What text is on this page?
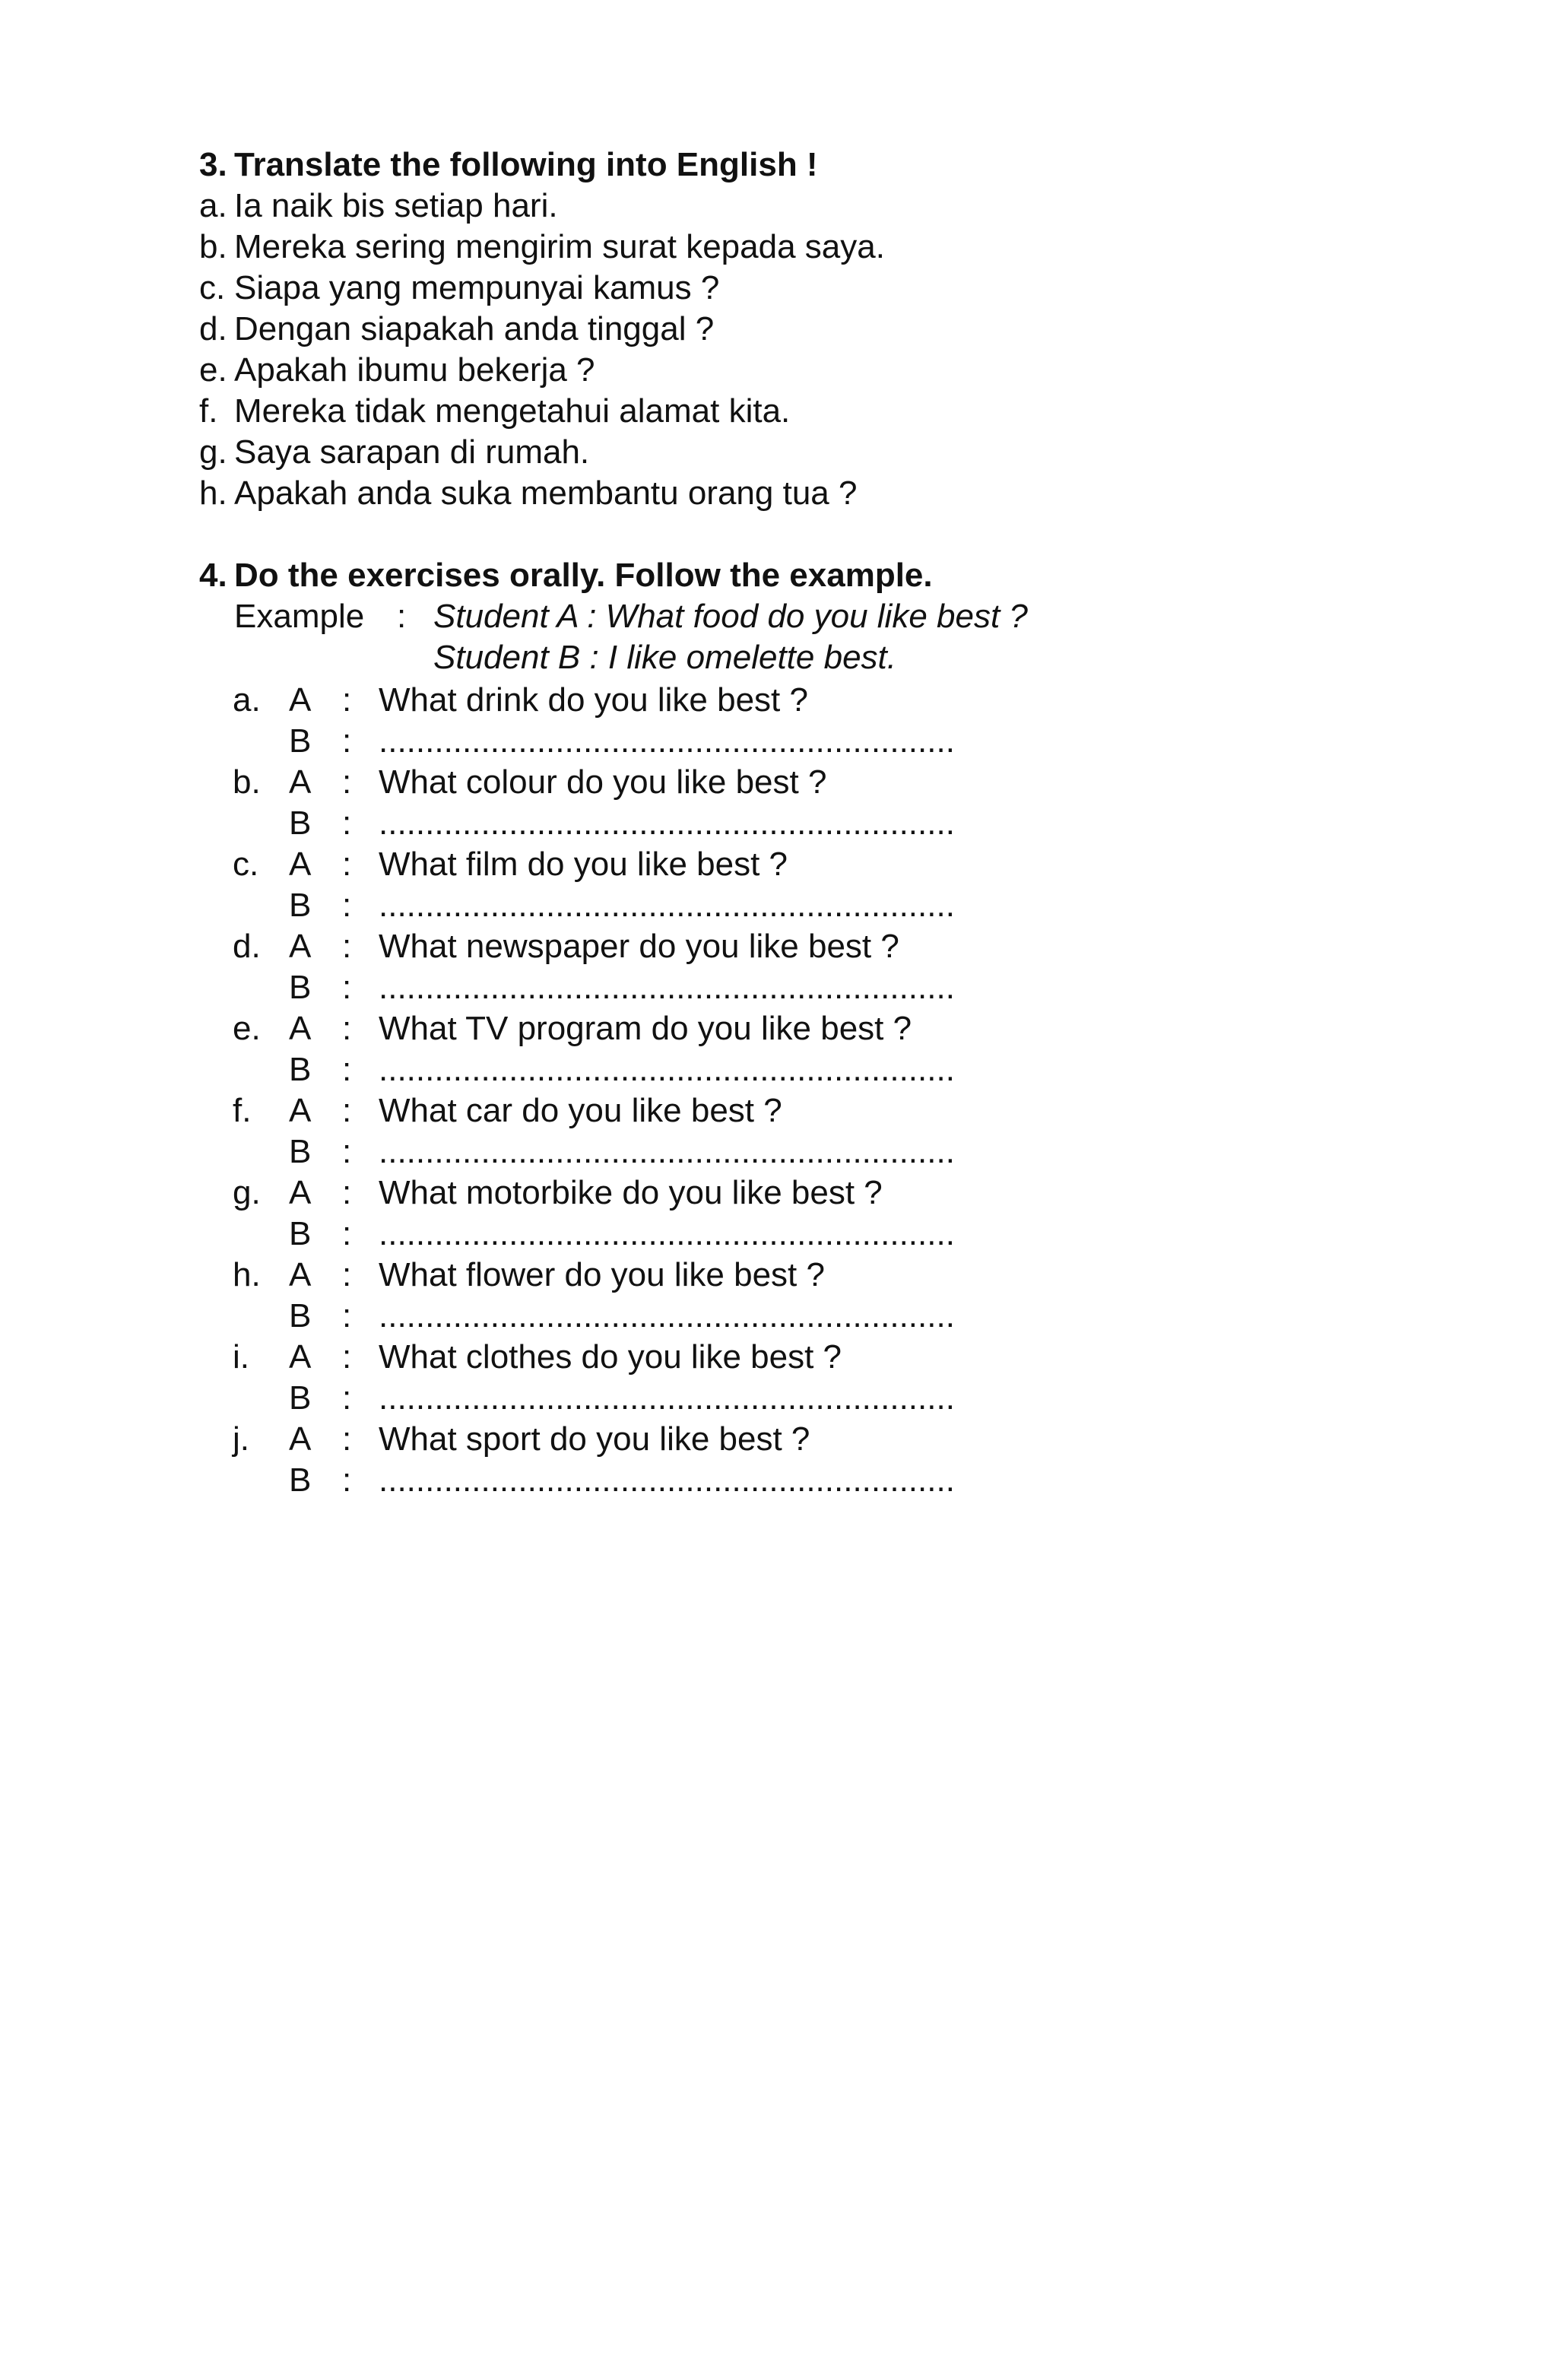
3. Translate the following into English !
a. Ia naik bis setiap hari.
b. Mereka sering mengirim surat kepada saya.
c. Siapa yang mempunyai kamus ?
d. Dengan siapakah anda tinggal ?
e. Apakah ibumu bekerja ?
f. Mereka tidak mengetahui alamat kita.
g. Saya sarapan di rumah.
h. Apakah anda suka membantu orang tua ?
4. Do the exercises orally. Follow the example.
Example : Student A : What food do you like best ?
Student B : I like omelette best.
a. A : What drink do you like best ?
B : ..............................................................
b. A : What colour do you like best ?
B : ..............................................................
c. A : What film do you like best ?
B : ..............................................................
d. A : What newspaper do you like best ?
B : ..............................................................
e. A : What TV program do you like best ?
B : ..............................................................
f. A : What car do you like best ?
B : ..............................................................
g. A : What motorbike do you like best ?
B : ..............................................................
h. A : What flower do you like best ?
B : ..............................................................
i. A : What clothes do you like best ?
B : ..............................................................
j. A : What sport do you like best ?
B : ..............................................................
